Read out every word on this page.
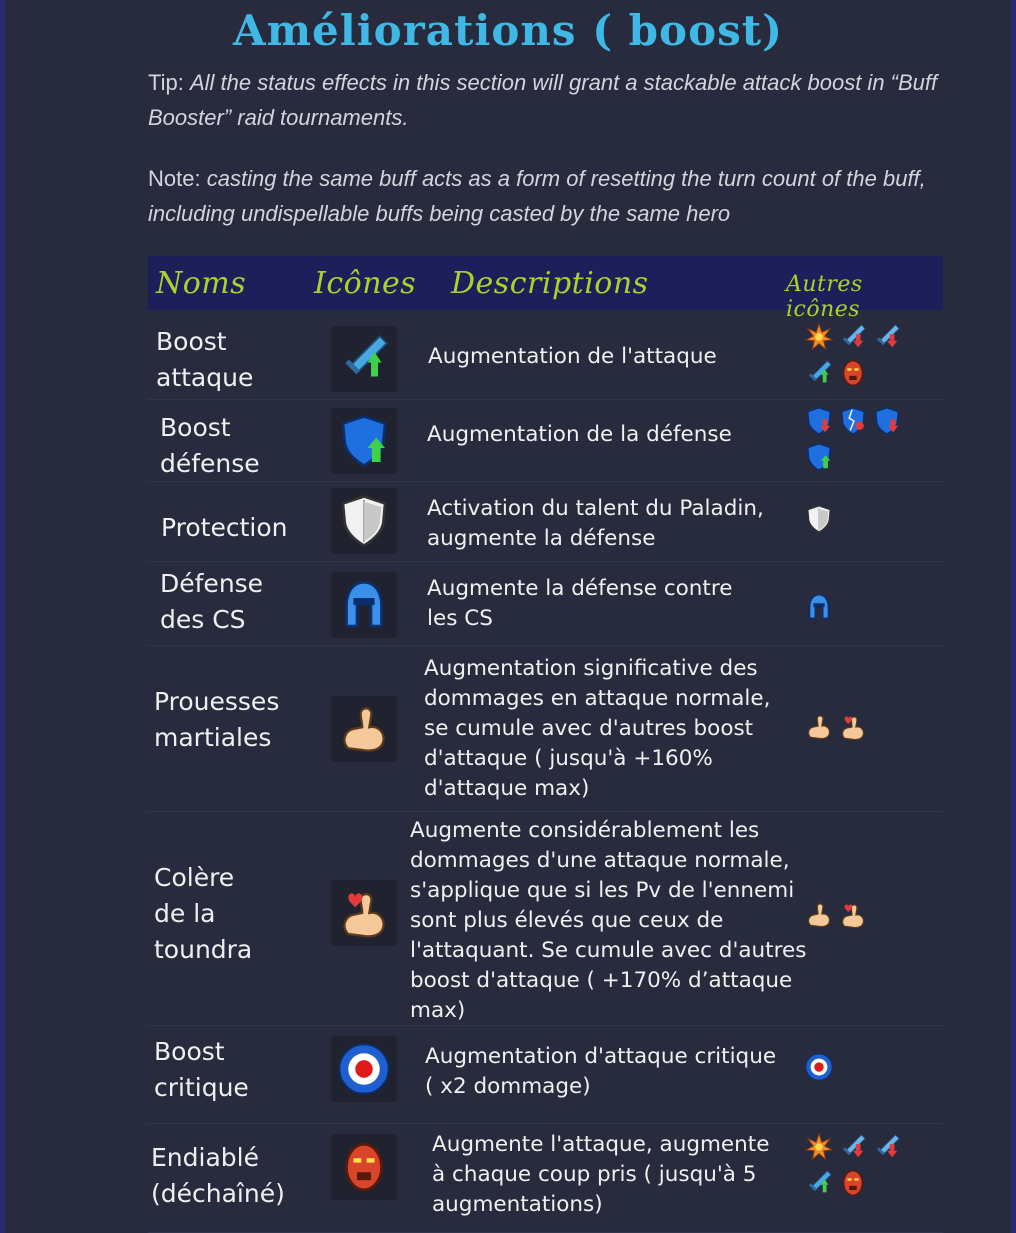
Améliorations ( boost)
Tip: All the status effects in this section will grant a stackable attack boost in “Buff Booster” raid tournaments.
Note: casting the same buff acts as a form of resetting the turn count of the buff, including undispellable buffs being casted by the same hero
Noms Icônes Descriptions	Autres icônes
Boost
attaque
Augmentation de l'attaque
Boost
défense
Augmentation de la défense
Protection
Activation du talent du Paladin,
augmente la défense
Défense
des CS
Augmente la défense contre
les CS
Prouesses
martiales
Augmentation significative des
dommages en attaque normale,
se cumule avec d'autres boost
d'attaque ( jusqu'à +160%
d'attaque max)
Colère
de la
toundra
Augmente considérablement les
dommages d'une attaque normale,
s'applique que si les Pv de l'ennemi
sont plus élevés que ceux de
l'attaquant. Se cumule avec d'autres
boost d'attaque ( +170% d’attaque
max)
Boost
critique
Augmentation d'attaque critique
( x2 dommage)
Endiablé
(déchaîné)
Augmente l'attaque, augmente
à chaque coup pris ( jusqu'à 5
augmentations)
